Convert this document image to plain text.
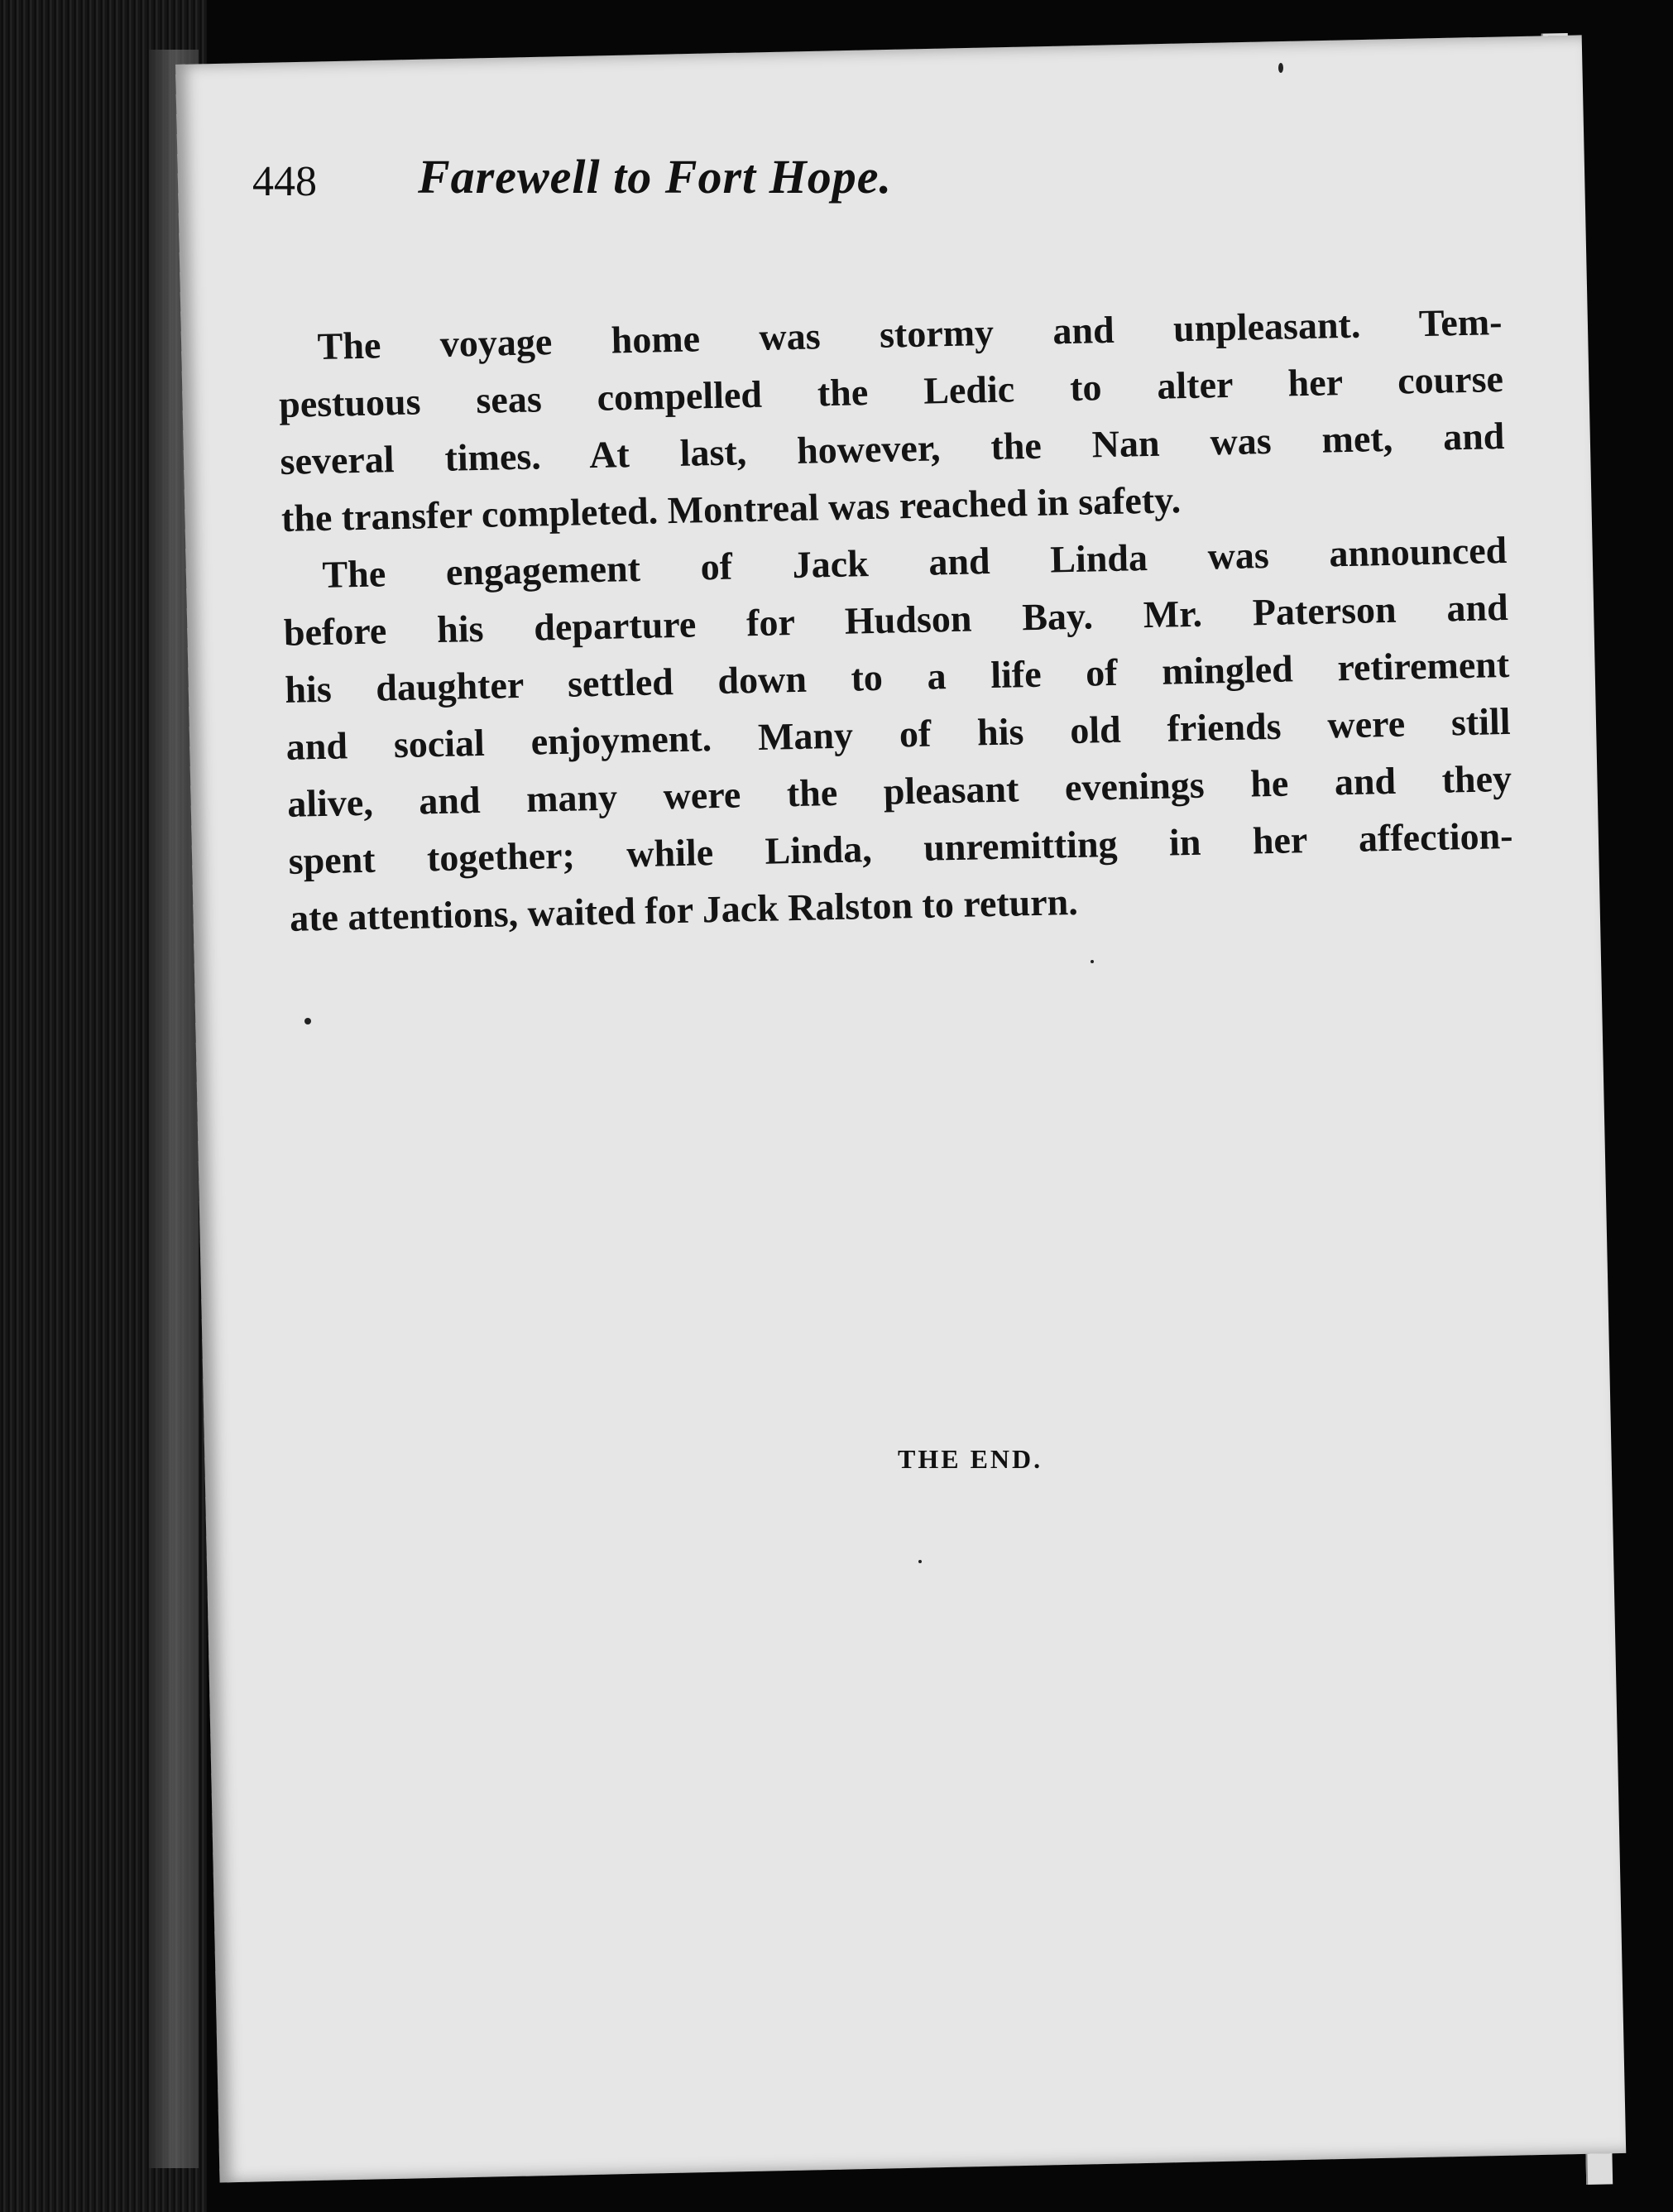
448 Farewell to Fort Hope.

The voyage home was stormy and unpleasant. Tem-
pestuous seas compelled the Ledic to alter her course
several times. At last, however, the Nan was met, and
the transfer completed. Montreal was reached in safety.

The engagement of Jack and Linda was announced
before his departure for Hudson Bay. Mr. Paterson and
his daughter settled down to a life of mingled retirement
and social enjoyment. Many of his old friends were still
alive, and many were the pleasant evenings he and they
spent together; while Linda, unremitting in her affection-
ate attentions, waited for Jack Ralston to return.

THE END.
